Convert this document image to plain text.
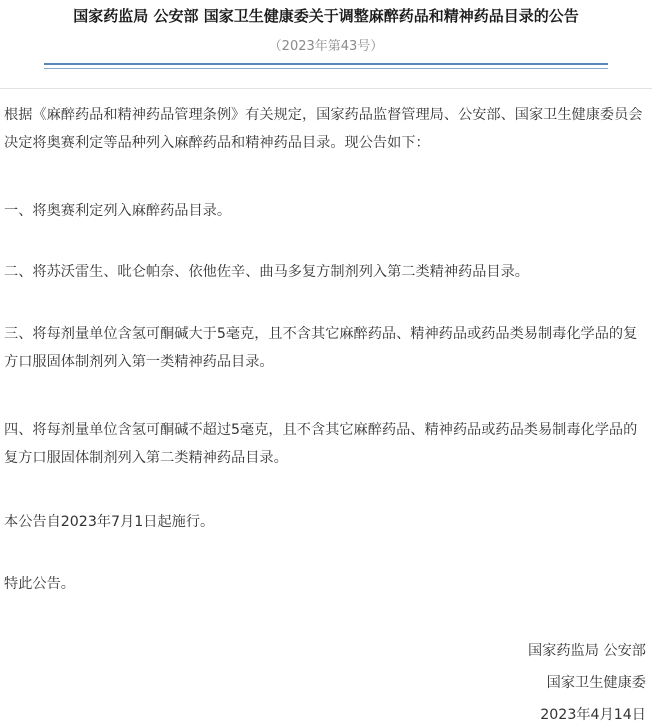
国家药监局 公安部 国家卫生健康委关于调整麻醉药品和精神药品目录的公告
（2023年第43号）

根据《麻醉药品和精神药品管理条例》有关规定，国家药品监督管理局、公安部、国家卫生健康委员会决定将奥赛利定等品种列入麻醉药品和精神药品目录。现公告如下：

一、将奥赛利定列入麻醉药品目录。

二、将苏沃雷生、吡仑帕奈、依他佐辛、曲马多复方制剂列入第二类精神药品目录。

三、将每剂量单位含氢可酮碱大于5毫克，且不含其它麻醉药品、精神药品或药品类易制毒化学品的复方口服固体制剂列入第一类精神药品目录。

四、将每剂量单位含氢可酮碱不超过5毫克，且不含其它麻醉药品、精神药品或药品类易制毒化学品的复方口服固体制剂列入第二类精神药品目录。

本公告自2023年7月1日起施行。

特此公告。

国家药监局 公安部
国家卫生健康委
2023年4月14日
